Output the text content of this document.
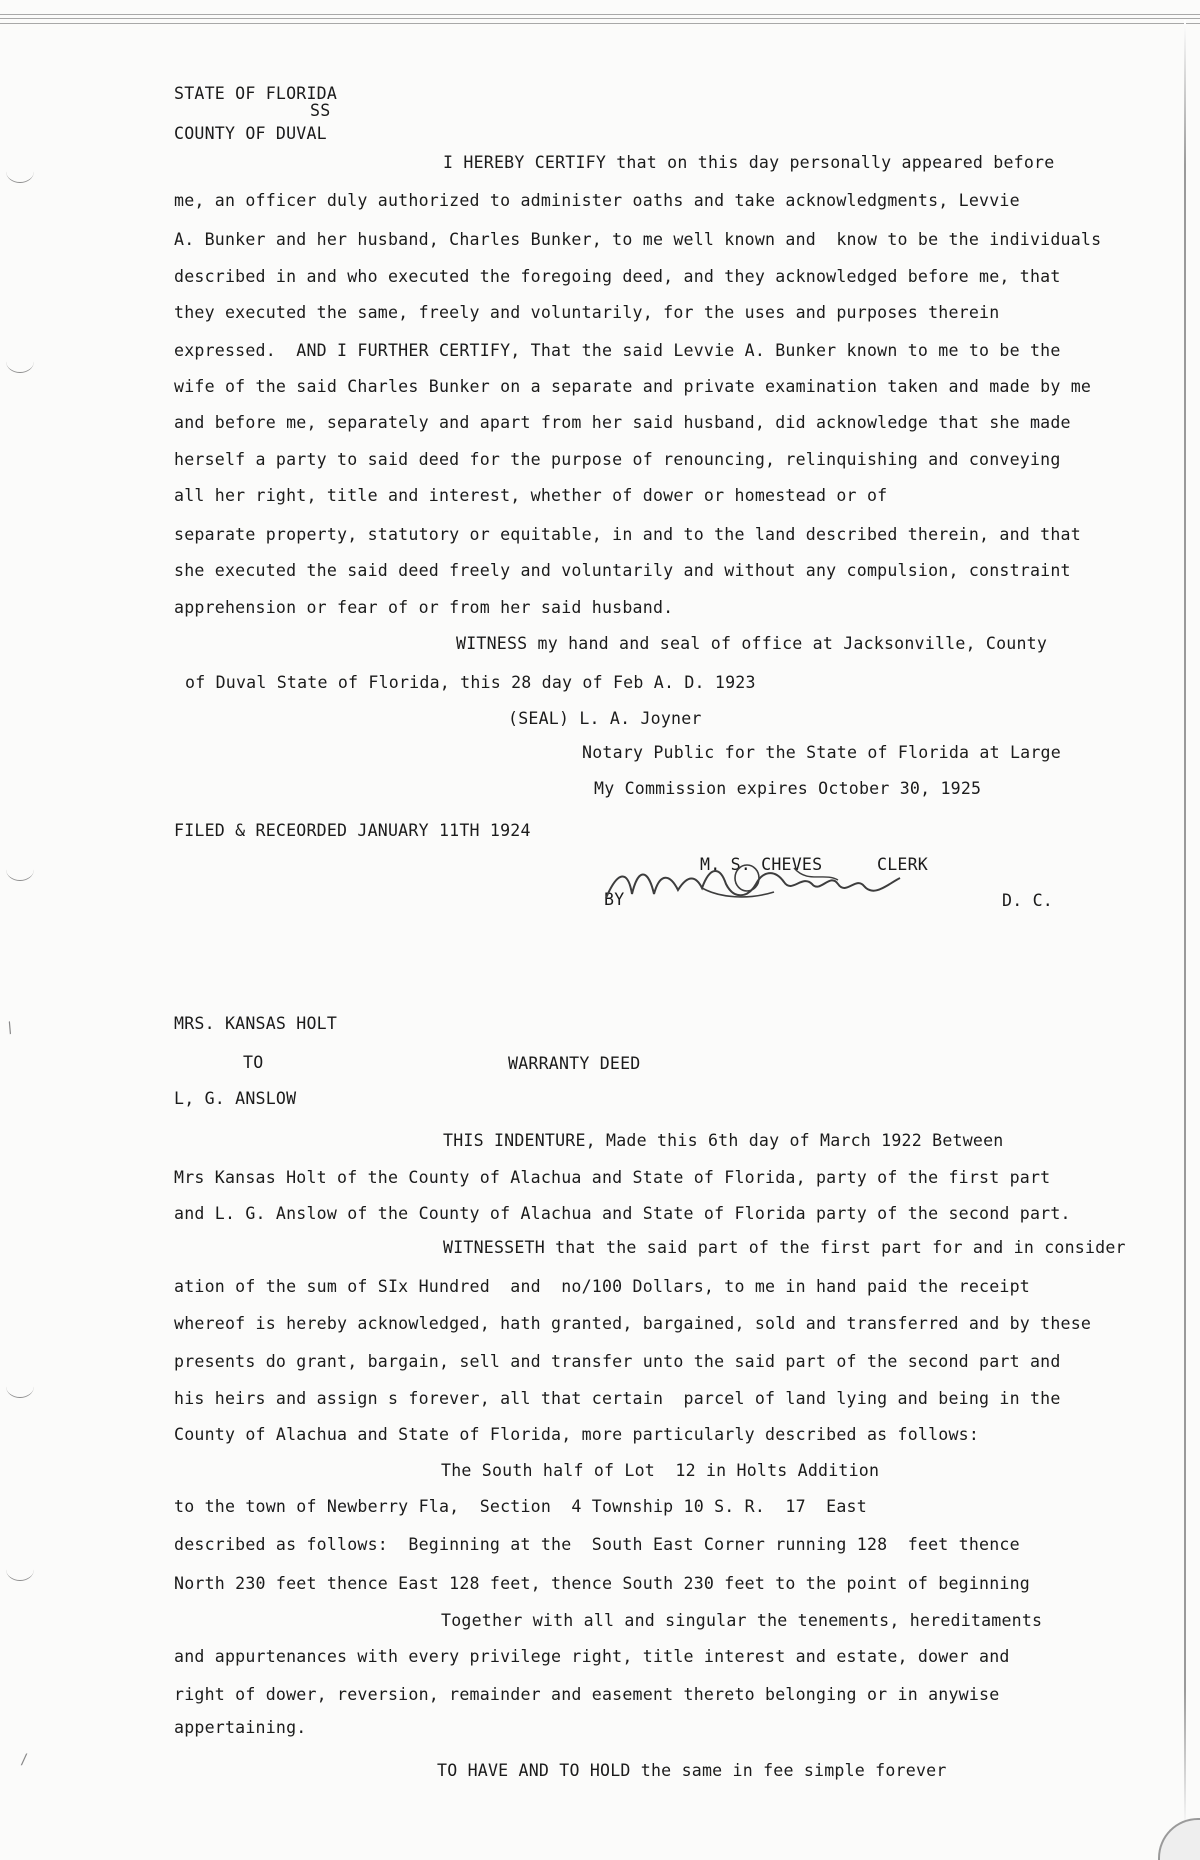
/
/
STATE OF FLORIDA
SS
COUNTY OF DUVAL
I HEREBY CERTIFY that on this day personally appeared before
me, an officer duly authorized to administer oaths and take acknowledgments, Levvie
A. Bunker and her husband, Charles Bunker, to me well known and  know to be the individuals
described in and who executed the foregoing deed, and they acknowledged before me, that
they executed the same, freely and voluntarily, for the uses and purposes therein
expressed.  AND I FURTHER CERTIFY, That the said Levvie A. Bunker known to me to be the
wife of the said Charles Bunker on a separate and private examination taken and made by me
and before me, separately and apart from her said husband, did acknowledge that she made
herself a party to said deed for the purpose of renouncing, relinquishing and conveying
all her right, title and interest, whether of dower or homestead or of
separate property, statutory or equitable, in and to the land described therein, and that
she executed the said deed freely and voluntarily and without any compulsion, constraint
apprehension or fear of or from her said husband.
WITNESS my hand and seal of office at Jacksonville, County
of Duval State of Florida, this 28 day of Feb A. D. 1923
(SEAL) L. A. Joyner
Notary Public for the State of Florida at Large
My Commission expires October 30, 1925
FILED & RECEORDED JANUARY 11TH 1924
M. S. CHEVES	CLERK
BY	D. C.
MRS. KANSAS HOLT
TO	WARRANTY DEED
L, G. ANSLOW
THIS INDENTURE, Made this 6th day of March 1922 Between
Mrs Kansas Holt of the County of Alachua and State of Florida, party of the first part
and L. G. Anslow of the County of Alachua and State of Florida party of the second part.
WITNESSETH that the said part of the first part for and in consider
ation of the sum of SIx Hundred  and  no/100 Dollars, to me in hand paid the receipt
whereof is hereby acknowledged, hath granted, bargained, sold and transferred and by these
presents do grant, bargain, sell and transfer unto the said part of the second part and
his heirs and assign s forever, all that certain  parcel of land lying and being in the
County of Alachua and State of Florida, more particularly described as follows:
The South half of Lot  12 in Holts Addition
to the town of Newberry Fla,  Section  4 Township 10 S. R.  17  East
described as follows:  Beginning at the  South East Corner running 128  feet thence
North 230 feet thence East 128 feet, thence South 230 feet to the point of beginning
Together with all and singular the tenements, hereditaments
and appurtenances with every privilege right, title interest and estate, dower and
right of dower, reversion, remainder and easement thereto belonging or in anywise
appertaining.
TO HAVE AND TO HOLD the same in fee simple forever
